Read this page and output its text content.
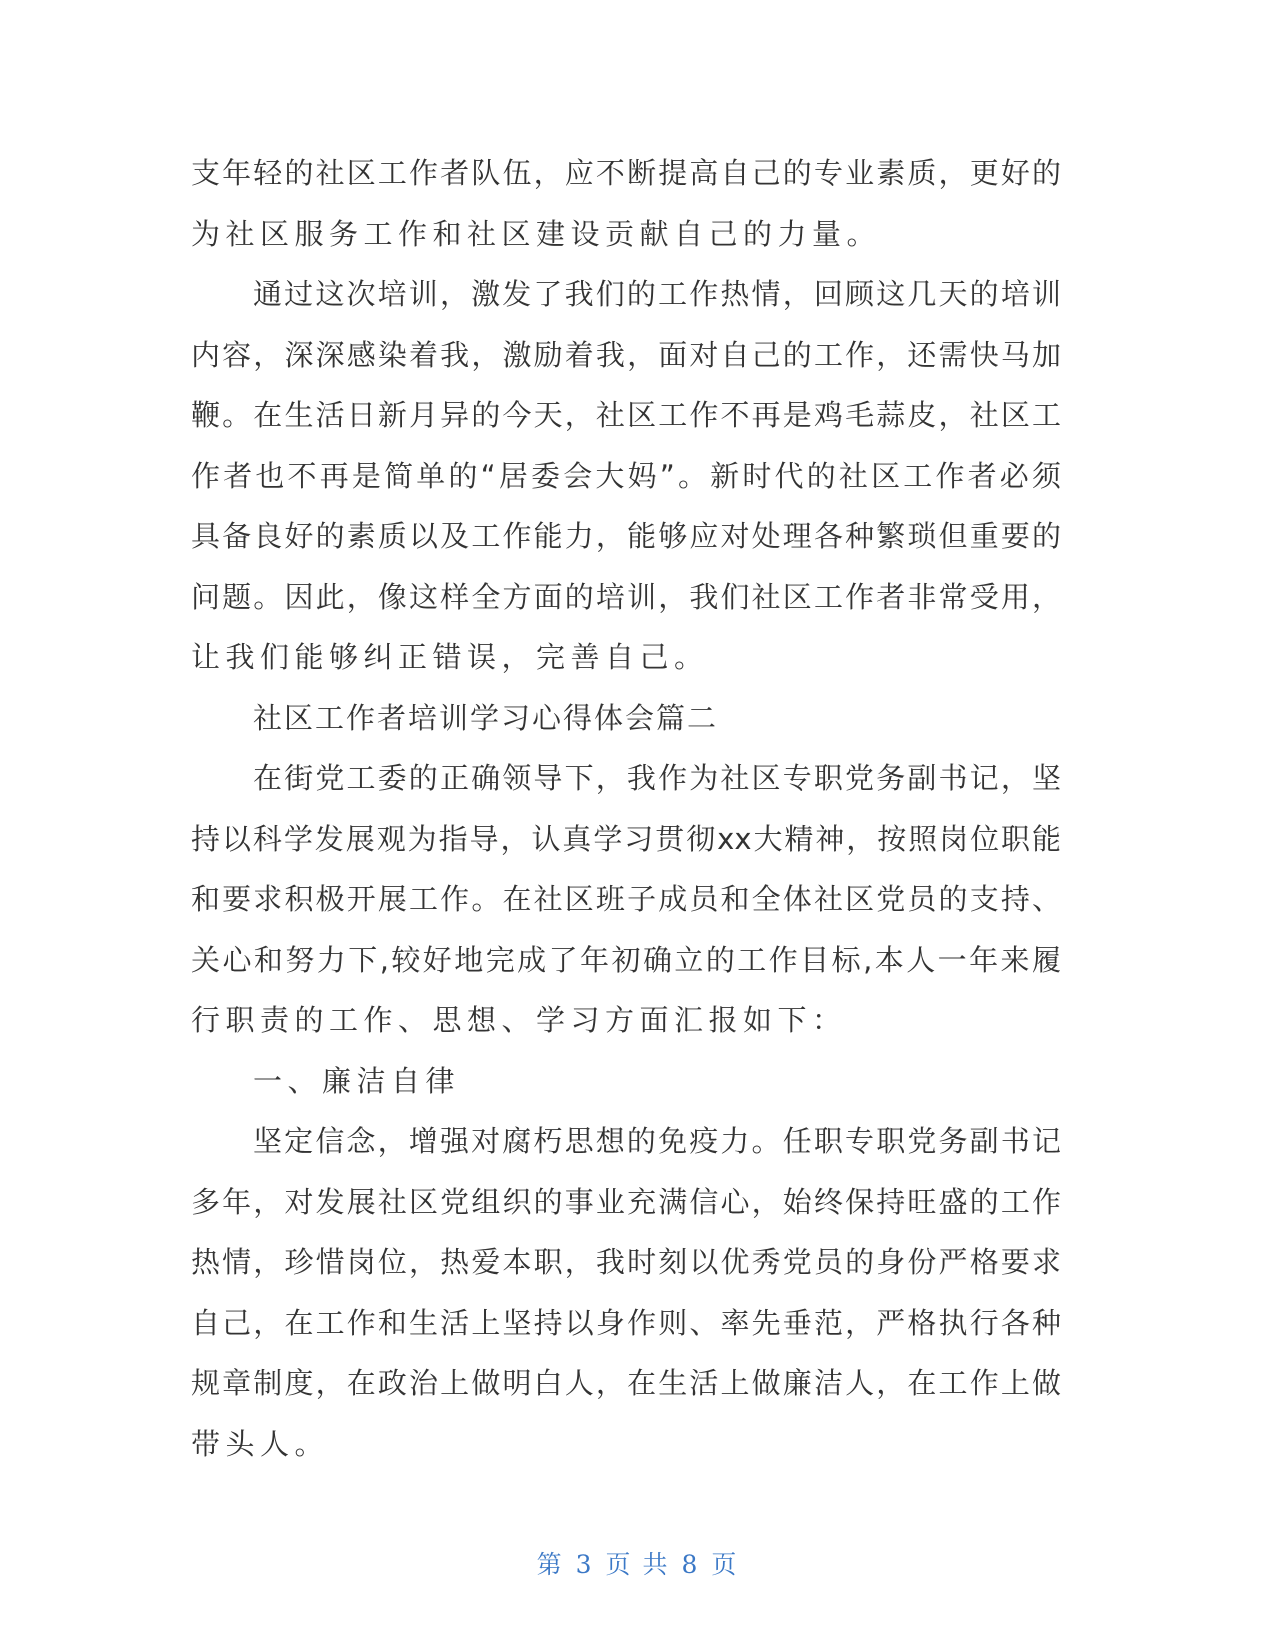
支年轻的社区工作者队伍，应不断提高自己的专业素质，更好的
为社区服务工作和社区建设贡献自己的力量。
通过这次培训，激发了我们的工作热情，回顾这几天的培训
内容，深深感染着我，激励着我，面对自己的工作，还需快马加
鞭。在生活日新月异的今天，社区工作不再是鸡毛蒜皮，社区工
作者也不再是简单的“居委会大妈”。新时代的社区工作者必须
具备良好的素质以及工作能力，能够应对处理各种繁琐但重要的
问题。因此，像这样全方面的培训，我们社区工作者非常受用，
让我们能够纠正错误，完善自己。
社区工作者培训学习心得体会篇二
在街党工委的正确领导下，我作为社区专职党务副书记，坚
持以科学发展观为指导，认真学习贯彻xx大精神，按照岗位职能
和要求积极开展工作。在社区班子成员和全体社区党员的支持、
关心和努力下,较好地完成了年初确立的工作目标,本人一年来履
行职责的工作、思想、学习方面汇报如下：
一、廉洁自律
坚定信念，增强对腐朽思想的免疫力。任职专职党务副书记
多年，对发展社区党组织的事业充满信心，始终保持旺盛的工作
热情，珍惜岗位，热爱本职，我时刻以优秀党员的身份严格要求
自己，在工作和生活上坚持以身作则、率先垂范，严格执行各种
规章制度，在政治上做明白人，在生活上做廉洁人，在工作上做
带头人。
第 3 页 共 8 页
